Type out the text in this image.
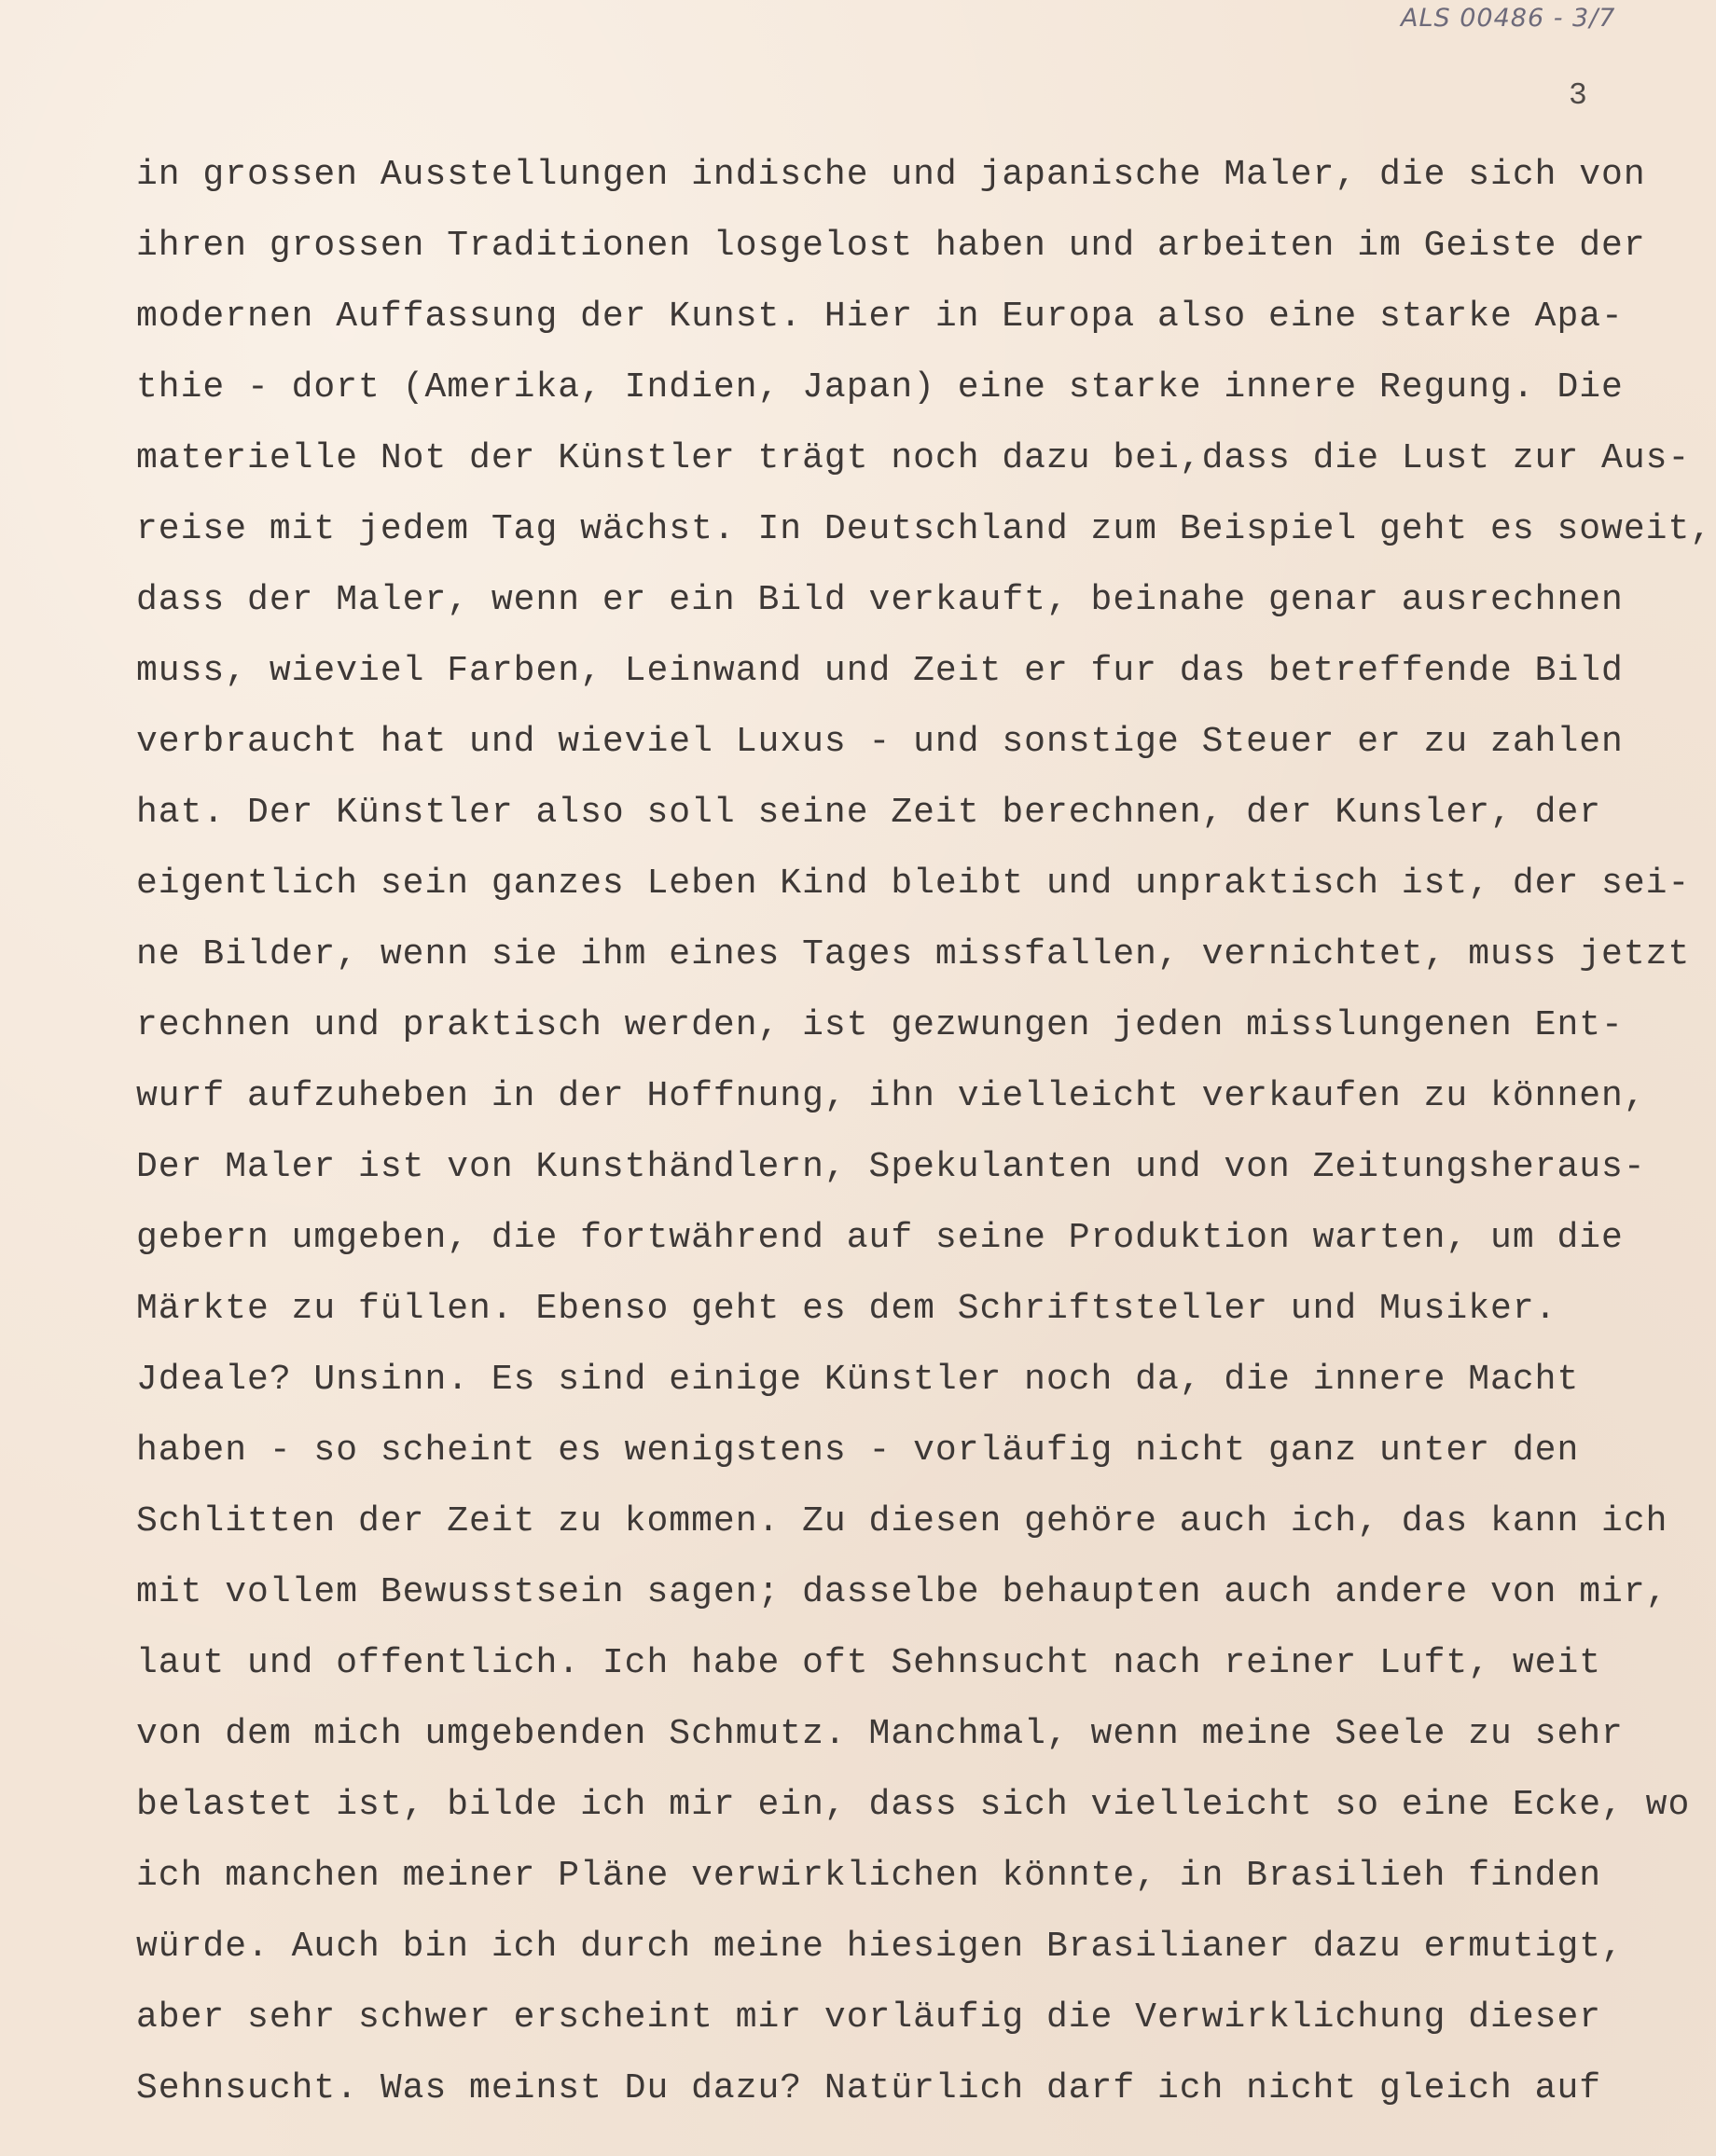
ALS 00486 - 3/7
3
in grossen Ausstellungen indische und japanische Maler, die sich von
ihren grossen Traditionen losgelost haben und arbeiten im Geiste der
modernen Auffassung der Kunst. Hier in Europa also eine starke Apa-
thie - dort (Amerika, Indien, Japan) eine starke innere Regung. Die
materielle Not der Künstler trägt noch dazu bei,dass die Lust zur Aus-
reise mit jedem Tag wächst. In Deutschland zum Beispiel geht es soweit,
dass der Maler, wenn er ein Bild verkauft, beinahe genar ausrechnen
muss, wieviel Farben, Leinwand und Zeit er fur das betreffende Bild
verbraucht hat und wieviel Luxus - und sonstige Steuer er zu zahlen
hat. Der Künstler also soll seine Zeit berechnen, der Kunsler, der
eigentlich sein ganzes Leben Kind bleibt und unpraktisch ist, der sei-
ne Bilder, wenn sie ihm eines Tages missfallen, vernichtet, muss jetzt
rechnen und praktisch werden, ist gezwungen jeden misslungenen Ent-
wurf aufzuheben in der Hoffnung, ihn vielleicht verkaufen zu können,
Der Maler ist von Kunsthändlern, Spekulanten und von Zeitungsheraus-
gebern umgeben, die fortwährend auf seine Produktion warten, um die
Märkte zu füllen. Ebenso geht es dem Schriftsteller und Musiker.
Jdeale? Unsinn. Es sind einige Künstler noch da, die innere Macht
haben - so scheint es wenigstens - vorläufig nicht ganz unter den
Schlitten der Zeit zu kommen. Zu diesen gehöre auch ich, das kann ich
mit vollem Bewusstsein sagen; dasselbe behaupten auch andere von mir,
laut und offentlich. Ich habe oft Sehnsucht nach reiner Luft, weit
von dem mich umgebenden Schmutz. Manchmal, wenn meine Seele zu sehr
belastet ist, bilde ich mir ein, dass sich vielleicht so eine Ecke, wo
ich manchen meiner Pläne verwirklichen könnte, in Brasilieh finden
würde. Auch bin ich durch meine hiesigen Brasilianer dazu ermutigt,
aber sehr schwer erscheint mir vorläufig die Verwirklichung dieser
Sehnsucht. Was meinst Du dazu? Natürlich darf ich nicht gleich auf
